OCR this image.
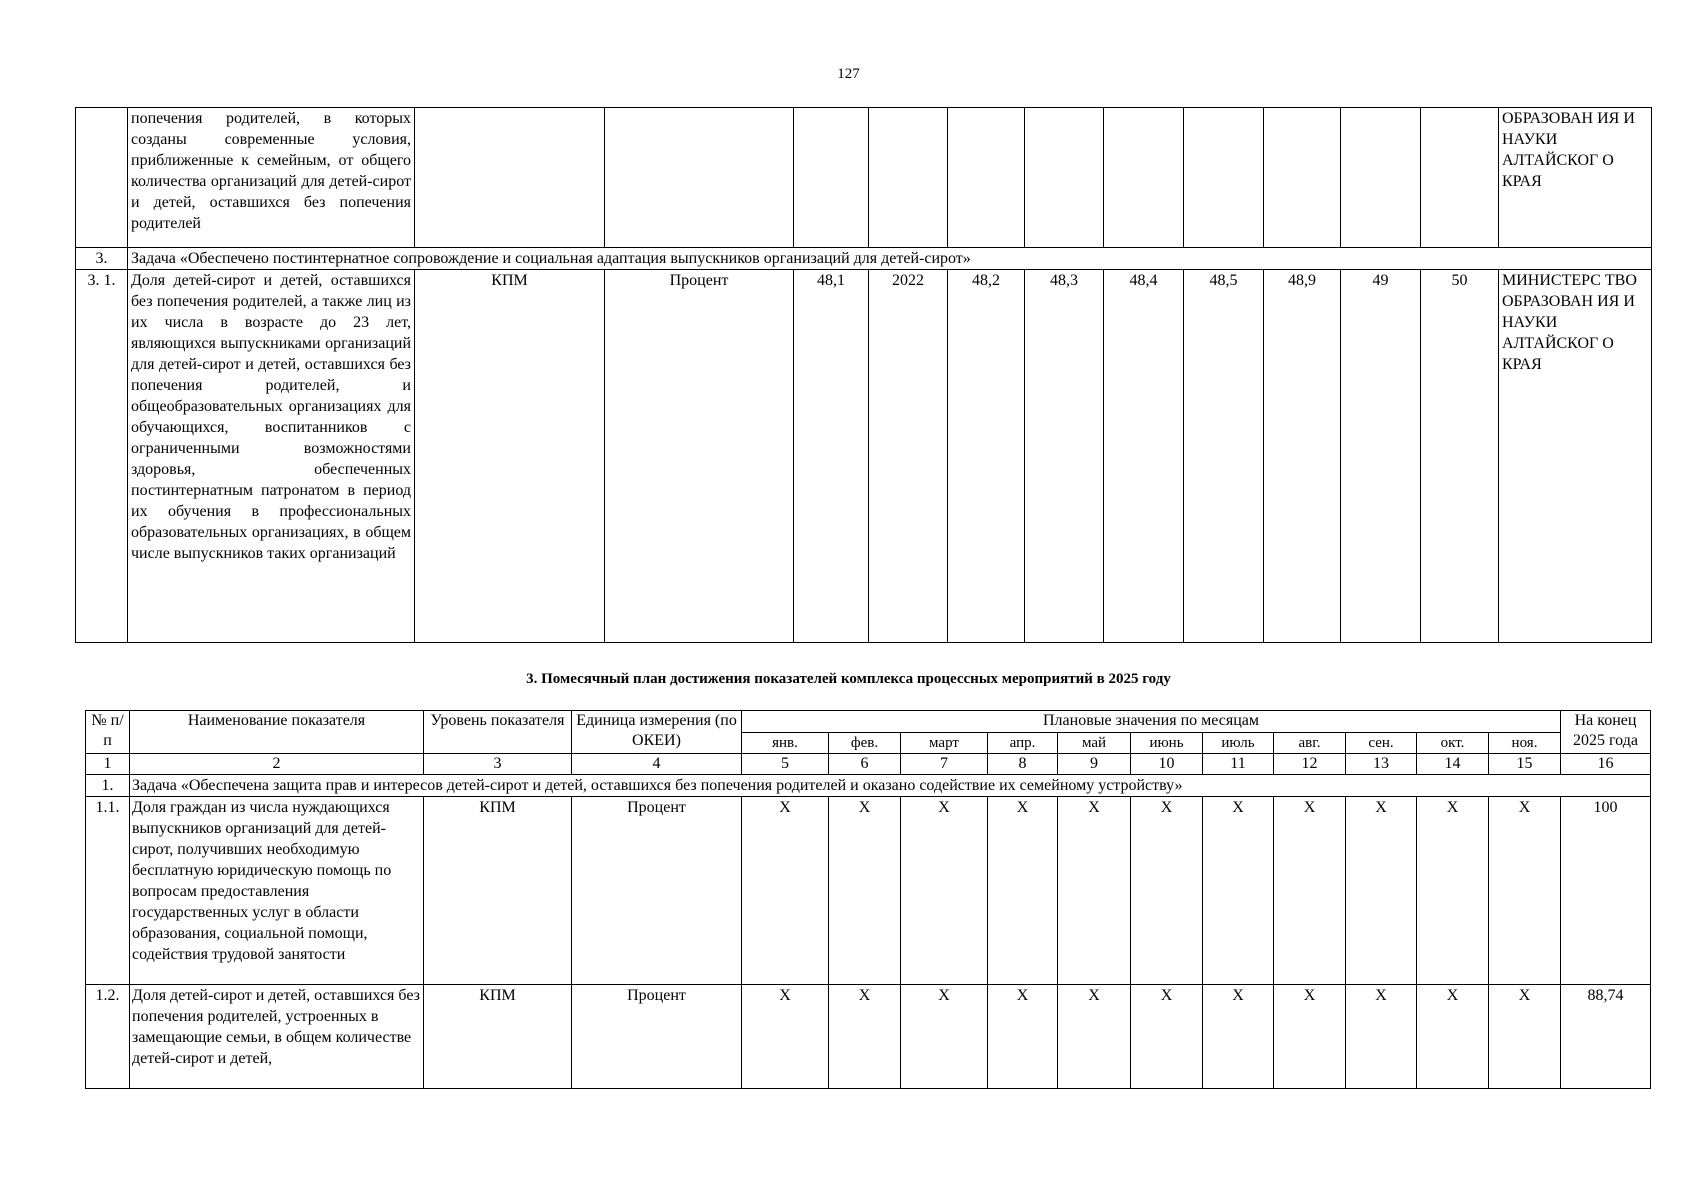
127
	попечения родителей, в которых созданы современные условия, приближенные к семейным, от общего количества организаций для детей-сирот и детей, оставшихся без попечения родителей												ОБРАЗОВАН ИЯ И НАУКИ АЛТАЙСКОГ О КРАЯ
3.	Задача «Обеспечено постинтернатное сопровождение и социальная адаптация выпускников организаций для детей-сирот»												
3. 1.	Доля детей-сирот и детей, оставшихся без попечения родителей, а также лиц из их числа в возрасте до 23 лет, являющихся выпускниками организаций для детей-сирот и детей, оставшихся без попечения родителей, и общеобразовательных организациях для обучающихся, воспитанников с ограниченными возможностями здоровья, обеспеченных постинтернатным патронатом в период их обучения в профессиональных образовательных организациях, в общем числе выпускников таких организаций	КПМ	Процент	48,1	2022	48,2	48,3	48,4	48,5	48,9	49	50	МИНИСТЕРС ТВО ОБРАЗОВАН ИЯ И НАУКИ АЛТАЙСКОГ О КРАЯ
3. Помесячный план достижения показателей комплекса процессных мероприятий в 2025 году
№ п/п	Наименование показателя	Уровень показателя	Единица измерения (по ОКЕИ)	Плановые значения по месяцам											На конец 2025 года
				янв.	фев.	март	апр.	май	июнь	июль	авг.	сен.	окт.	ноя.	
1	2	3	4	5	6	7	8	9	10	11	12	13	14	15	16
1.	Задача «Обеспечена защита прав и интересов детей-сирот и детей, оставшихся без попечения родителей и оказано содействие их семейному устройству»														
1.1.	Доля граждан из числа нуждающихся выпускников организаций для детей-сирот, получивших необходимую бесплатную юридическую помощь по вопросам предоставления государственных услуг в области образования, социальной помощи, содействия трудовой занятости	КПМ	Процент	X	X	X	X	X	X	X	X	X	X	X	100
1.2.	Доля детей-сирот и детей, оставшихся без попечения родителей, устроенных в замещающие семьи, в общем количестве детей-сирот и детей,	КПМ	Процент	X	X	X	X	X	X	X	X	X	X	X	88,74
